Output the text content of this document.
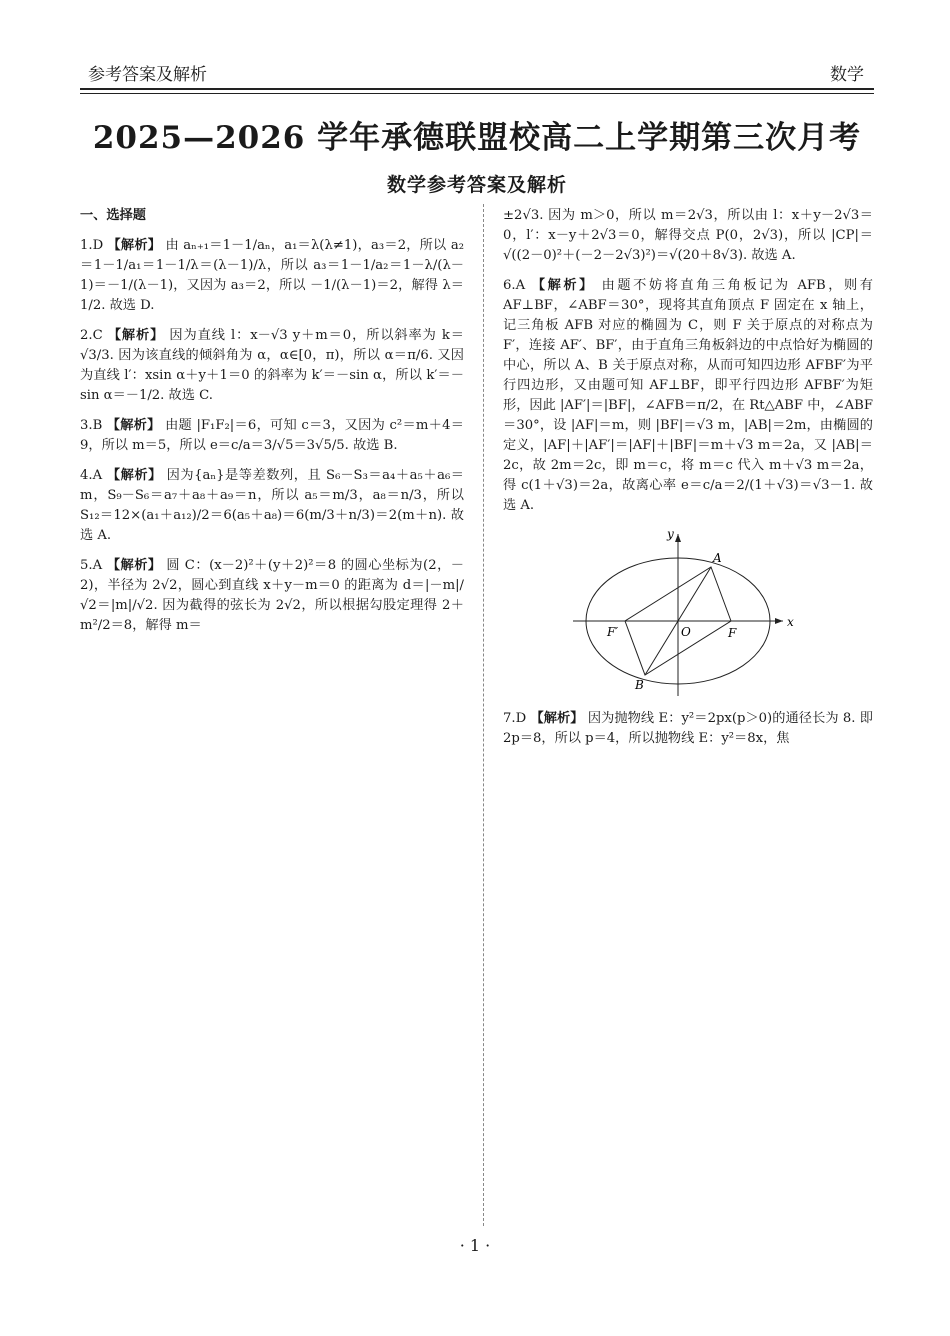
参考答案及解析	数学
2025—2026 学年承德联盟校高二上学期第三次月考
数学参考答案及解析
一、选择题
1.D 【解析】 由 aₙ₊₁＝1－1/aₙ，a₁＝λ(λ≠1)，a₃＝2，所以 a₂＝1－1/a₁＝1－1/λ＝(λ－1)/λ，所以 a₃＝1－1/a₂＝1－λ/(λ－1)＝－1/(λ－1)，又因为 a₃＝2，所以 －1/(λ－1)＝2，解得 λ＝1/2. 故选 D.
2.C 【解析】 因为直线 l：x－√3 y＋m＝0，所以斜率为 k＝√3/3. 因为该直线的倾斜角为 α，α∈[0，π)，所以 α＝π/6. 又因为直线 l′：xsin α＋y＋1＝0 的斜率为 k′＝－sin α，所以 k′＝－sin α＝－1/2. 故选 C.
3.B 【解析】 由题 |F₁F₂|＝6，可知 c＝3，又因为 c²＝m＋4＝9，所以 m＝5，所以 e＝c/a＝3/√5＝3√5/5. 故选 B.
4.A 【解析】 因为{aₙ}是等差数列，且 S₆－S₃＝a₄＋a₅＋a₆＝m，S₉－S₆＝a₇＋a₈＋a₉＝n，所以 a₅＝m/3，a₈＝n/3，所以 S₁₂＝12×(a₁＋a₁₂)/2＝6(a₅＋a₈)＝6(m/3＋n/3)＝2(m＋n). 故选 A.
5.A 【解析】 圆 C：(x－2)²＋(y＋2)²＝8 的圆心坐标为(2，－2)，半径为 2√2，圆心到直线 x＋y－m＝0 的距离为 d＝|－m|/√2＝|m|/√2. 因为截得的弦长为 2√2，所以根据勾股定理得 2＋m²/2＝8，解得 m＝
±2√3. 因为 m＞0，所以 m＝2√3，所以由 l：x＋y－2√3＝0，l′：x－y＋2√3＝0，解得交点 P(0，2√3)，所以 |CP|＝√((2－0)²＋(－2－2√3)²)＝√(20＋8√3). 故选 A.
6.A 【解析】 由题不妨将直角三角板记为 AFB，则有 AF⊥BF，∠ABF＝30°，现将其直角顶点 F 固定在 x 轴上，记三角板 AFB 对应的椭圆为 C，则 F 关于原点的对称点为 F′，连接 AF′、BF′，由于直角三角板斜边的中点恰好为椭圆的中心，所以 A、B 关于原点对称，从而可知四边形 AFBF′为平行四边形，又由题可知 AF⊥BF，即平行四边形 AFBF′为矩形，因此 |AF′|＝|BF|，∠AFB＝π/2，在 Rt△ABF 中，∠ABF＝30°，设 |AF|＝m，则 |BF|＝√3 m，|AB|＝2m，由椭圆的定义，|AF|＋|AF′|＝|AF|＋|BF|＝m＋√3 m＝2a，又 |AB|＝2c，故 2m＝2c，即 m＝c，将 m＝c 代入 m＋√3 m＝2a，得 c(1＋√3)＝2a，故离心率 e＝c/a＝2/(1＋√3)＝√3－1. 故选 A.
x
y
O
A
B
F
F′
7.D 【解析】 因为抛物线 E：y²＝2px(p＞0)的通径长为 8. 即 2p＝8，所以 p＝4，所以抛物线 E：y²＝8x，焦
· 1 ·
